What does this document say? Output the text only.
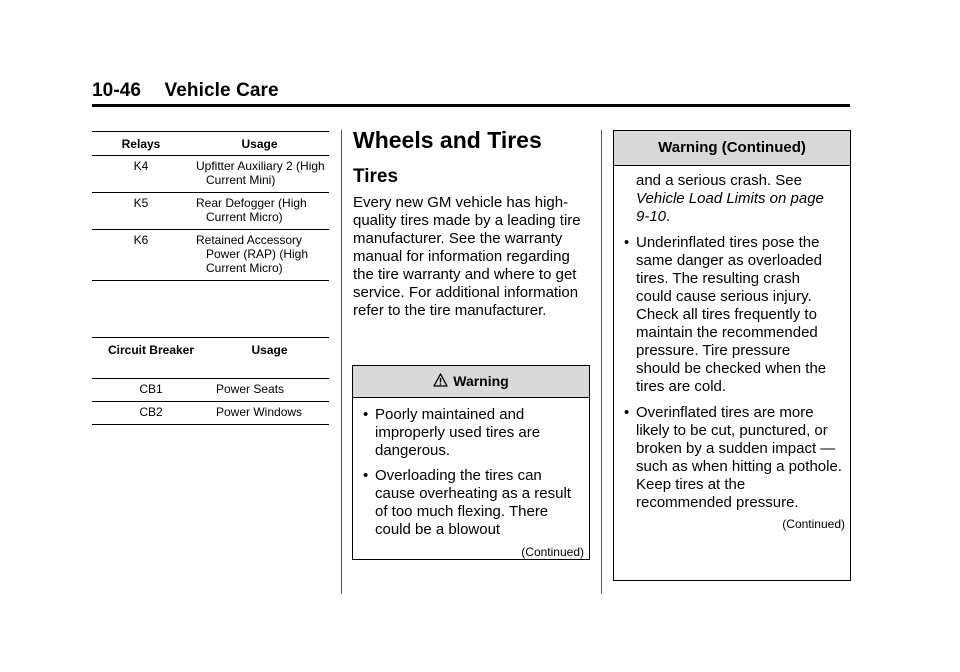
10-46 Vehicle Care
Relays	Usage
K4	Upfitter Auxiliary 2 (High Current Mini)

K5	Rear Defogger (High Current Micro)

K6	Retained Accessory Power (RAP) (High Current Micro)
Circuit Breaker	Usage
CB1	Power Seats
CB2	Power Windows
Wheels and Tires
Tires
Every new GM vehicle has high-quality tires made by a leading tire manufacturer. See the warranty manual for information regarding the tire warranty and where to get service. For additional information refer to the tire manufacturer.
Warning
• Poorly maintained and improperly used tires are dangerous.
• Overloading the tires can cause overheating as a result of too much flexing. There could be a blowout
(Continued)
Warning (Continued)
and a serious crash. See Vehicle Load Limits on page 9-10.
• Underinflated tires pose the same danger as overloaded tires. The resulting crash could cause serious injury. Check all tires frequently to maintain the recommended pressure. Tire pressure should be checked when the tires are cold.
• Overinflated tires are more likely to be cut, punctured, or broken by a sudden impact — such as when hitting a pothole. Keep tires at the recommended pressure.
(Continued)
